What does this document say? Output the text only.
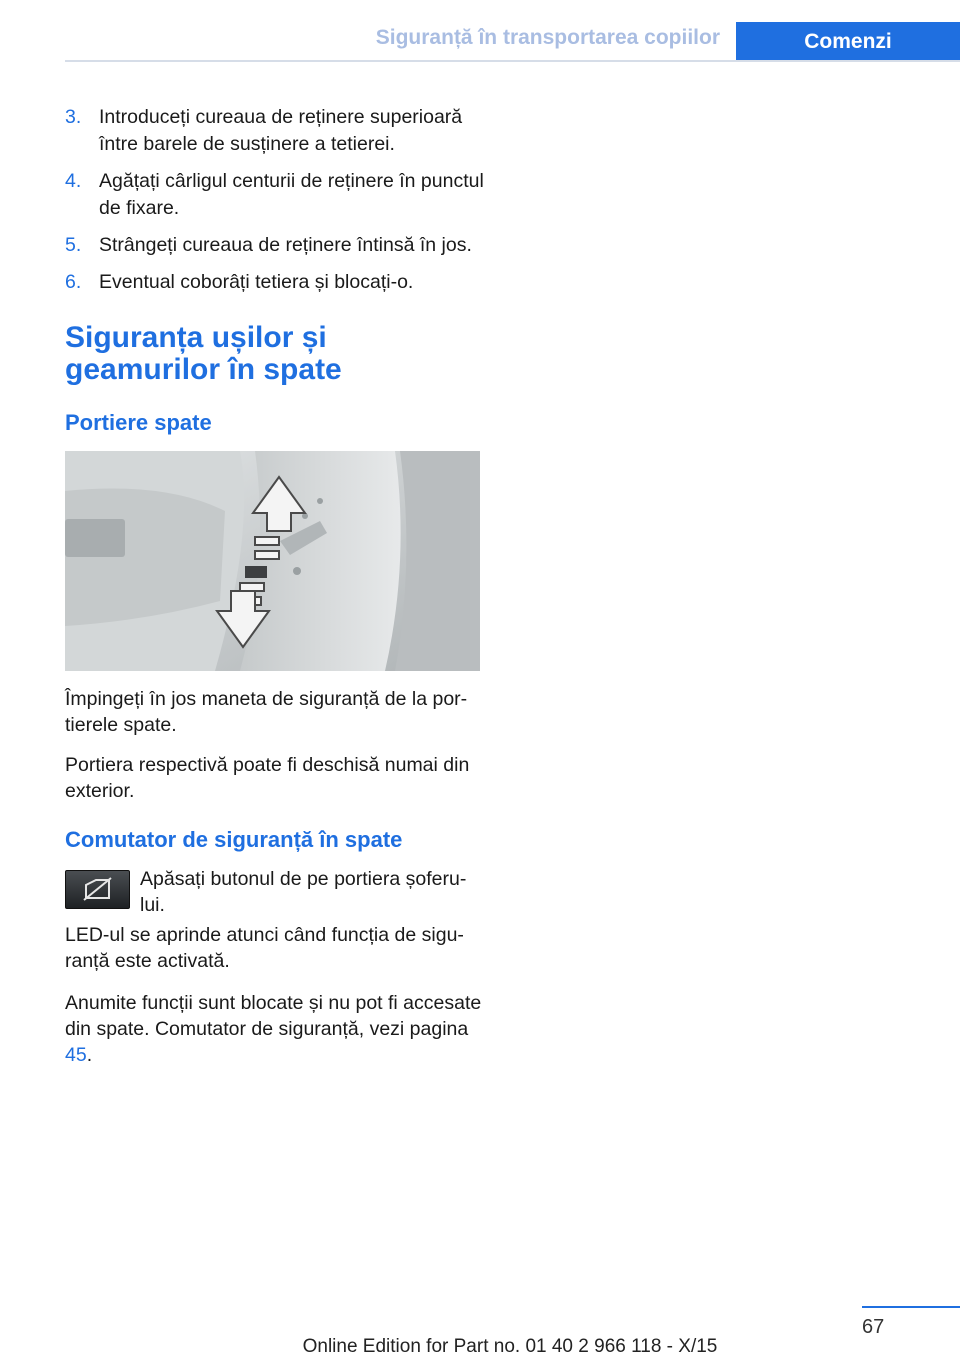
Siguranță în transportarea copiilor	Comenzi
3. Introduceți cureaua de reținere superioară între barele de susținere a tetierei.
4. Agățați cârligul centurii de reținere în punctul de fixare.
5. Strângeți cureaua de reținere întinsă în jos.
6. Eventual coborâți tetiera și blocați-o.
Siguranța ușilor și geamurilor în spate
Portiere spate

Împingeți în jos maneta de siguranță de la portierele spate.

Portiera respectivă poate fi deschisă numai din exterior.

Comutator de siguranță în spate

Apăsați butonul de pe portiera șoferului.

LED-ul se aprinde atunci când funcția de siguranță este activată.

Anumite funcții sunt blocate și nu pot fi accesate din spate. Comutator de siguranță, vezi pagina 45.

67
Online Edition for Part no. 01 40 2 966 118 - X/15
